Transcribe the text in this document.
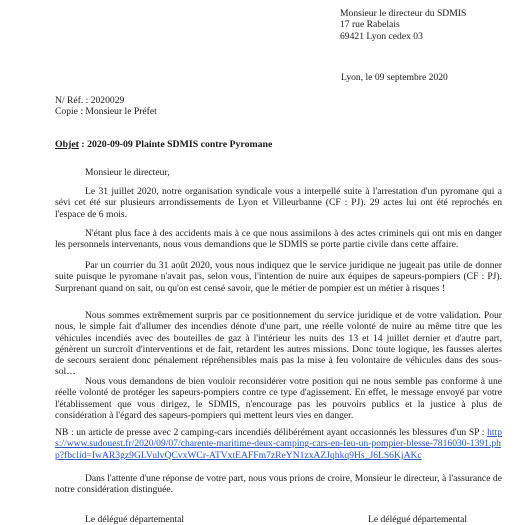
Monsieur le directeur du SDMIS
17 rue Rabelais
69421 Lyon cedex 03
Lyon, le 09 septembre 2020
N/ Réf. : 2020029
Copie : Monsieur le Préfet
Objet : 2020-09-09 Plainte SDMIS contre Pyromane
Monsieur le directeur,
Le 31 juillet 2020, notre organisation syndicale vous a interpellé suite à l'arrestation d'un pyromane qui a sévi cet été sur plusieurs arrondissements de Lyon et Villeurbanne (CF : PJ). 29 actes lui ont été reprochés en l'espace de 6 mois.
N'étant plus face à des accidents mais à ce que nous assimilons à des actes criminels qui ont mis en danger les personnels intervenants, nous vous demandions que le SDMIS se porte partie civile dans cette affaire.
Par un courrier du 31 août 2020, vous nous indiquez que le service juridique ne jugeait pas utile de donner suite puisque le pyromane n'avait pas, selon vous, l'intention de nuire aux équipes de sapeurs-pompiers (CF : PJ). Surprenant quand on sait, ou qu'on est censé savoir, que le métier de pompier est un métier à risques !
Nous sommes extrêmement surpris par ce positionnement du service juridique et de votre validation. Pour nous, le simple fait d'allumer des incendies dénote d'une part, une réelle volonté de nuire au même titre que les véhicules incendiés avec des bouteilles de gaz à l'intérieur les nuits des 13 et 14 juillet dernier et d'autre part, génèrent un surcroît d'interventions et de fait, retardent les autres missions. Donc toute logique, les fausses alertes de secours seraient donc pénalement répréhensibles mais pas la mise à feu volontaire de véhicules dans des sous-sol…
Nous vous demandons de bien vouloir reconsidérer votre position qui ne nous semble pas conforme à une réelle volonté de protéger les sapeurs-pompiers contre ce type d'agissement. En effet, le message envoyé par votre l'établissement que vous dirigez, le SDMIS, n'encourage pas les pouvoirs publics et la justice à plus de considération à l'égard des sapeurs-pompiers qui mettent leurs vies en danger.
NB : un article de presse avec 2 camping-cars incendiés délibérément ayant occasionnés les blessures d'un SP : https://www.sudouest.fr/2020/09/07/charente-maritime-deux-camping-cars-en-feu-un-pompier-blesse-7816030-1391.php?fbclid=IwAR3gz9GLVulvQCvxWCr-ATVxtEAFFm7zReYN1zxAZJqhkq9Hs_J6LS6KjAKc
Dans l'attente d'une réponse de votre part, nous vous prions de croire, Monsieur le directeur, à l'assurance de notre considération distinguée.
Le délégué départemental	Le délégué départemental
